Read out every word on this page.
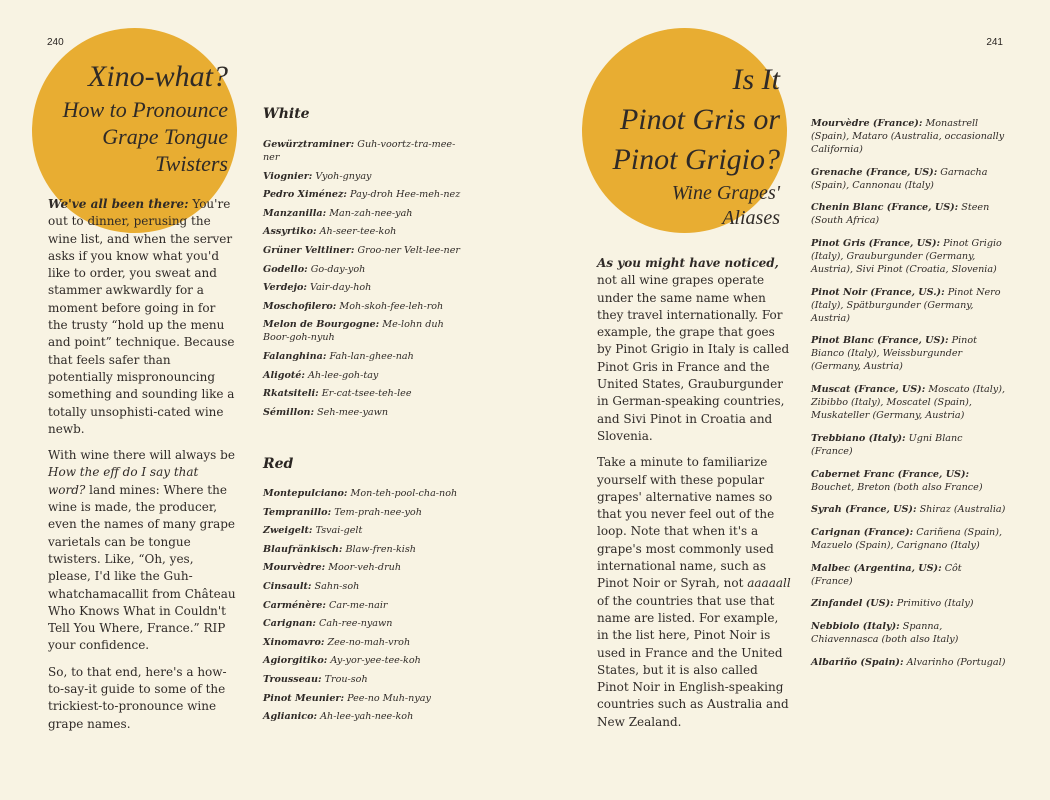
240
Xino-what?
How to Pronounce
Grape Tongue
Twisters

We've all been there: You're out to dinner, perusing the wine list, and when the server asks if you know what you'd like to order, you sweat and stammer awkwardly for a moment before going in for the trusty “hold up the menu and point” technique. Because that feels safer than potentially mispronouncing something and sounding like a totally unsophisti-cated wine newb.

With wine there will always be How the eff do I say that word? land mines: Where the wine is made, the producer, even the names of many grape varietals can be tongue twisters. Like, “Oh, yes, please, I'd like the Guh-whatchamacallit from Château Who Knows What in Couldn't Tell You Where, France.” RIP your confidence.

So, to that end, here's a how-to-say-it guide to some of the trickiest-to-pronounce wine grape names.

White
Gewürztraminer: Guh-voortz-tra-mee-ner
Viognier: Vyoh-gnyay
Pedro Ximénez: Pay-droh Hee-meh-nez
Manzanilla: Man-zah-nee-yah
Assyrtiko: Ah-seer-tee-koh
Grüner Veltliner: Groo-ner Velt-lee-ner
Godello: Go-day-yoh
Verdejo: Vair-day-hoh
Moschofilero: Moh-skoh-fee-leh-roh
Melon de Bourgogne: Me-lohn duh Boor-goh-nyuh
Falanghina: Fah-lan-ghee-nah
Aligoté: Ah-lee-goh-tay
Rkatsiteli: Er-cat-tsee-teh-lee
Sémillon: Seh-mee-yawn
Red
Montepulciano: Mon-teh-pool-cha-noh
Tempranillo: Tem-prah-nee-yoh
Zweigelt: Tsvai-gelt
Blaufränkisch: Blaw-fren-kish
Mourvèdre: Moor-veh-druh
Cinsault: Sahn-soh
Carménère: Car-me-nair
Carignan: Cah-ree-nyawn
Xinomavro: Zee-no-mah-vroh
Agiorgitiko: Ay-yor-yee-tee-koh
Trousseau: Trou-soh
Pinot Meunier: Pee-no Muh-nyay
Aglianico: Ah-lee-yah-nee-koh
241
Is It
Pinot Gris or
Pinot Grigio?
Wine Grapes'
Aliases

As you might have noticed, not all wine grapes operate under the same name when they travel internationally. For example, the grape that goes by Pinot Grigio in Italy is called Pinot Gris in France and the United States, Grauburgunder in German-speaking countries, and Sivi Pinot in Croatia and Slovenia.

Take a minute to familiarize yourself with these popular grapes' alternative names so that you never feel out of the loop. Note that when it's a grape's most commonly used international name, such as Pinot Noir or Syrah, not aaaaall of the countries that use that name are listed. For example, in the list here, Pinot Noir is used in France and the United States, but it is also called Pinot Noir in English-speaking countries such as Australia and New Zealand.

Mourvèdre (France): Monastrell (Spain), Mataro (Australia, occasionally California)
Grenache (France, US): Garnacha (Spain), Cannonau (Italy)
Chenin Blanc (France, US): Steen (South Africa)
Pinot Gris (France, US): Pinot Grigio (Italy), Grauburgunder (Germany, Austria), Sivi Pinot (Croatia, Slovenia)
Pinot Noir (France, US.): Pinot Nero (Italy), Spätburgunder (Germany, Austria)
Pinot Blanc (France, US): Pinot Bianco (Italy), Weissburgunder (Germany, Austria)
Muscat (France, US): Moscato (Italy), Zibibbo (Italy), Moscatel (Spain), Muskateller (Germany, Austria)
Trebbiano (Italy): Ugni Blanc (France)
Cabernet Franc (France, US): Bouchet, Breton (both also France)
Syrah (France, US): Shiraz (Australia)
Carignan (France): Cariñena (Spain), Mazuelo (Spain), Carignano (Italy)
Malbec (Argentina, US): Côt (France)
Zinfandel (US): Primitivo (Italy)
Nebbiolo (Italy): Spanna, Chiavennasca (both also Italy)
Albariño (Spain): Alvarinho (Portugal)
